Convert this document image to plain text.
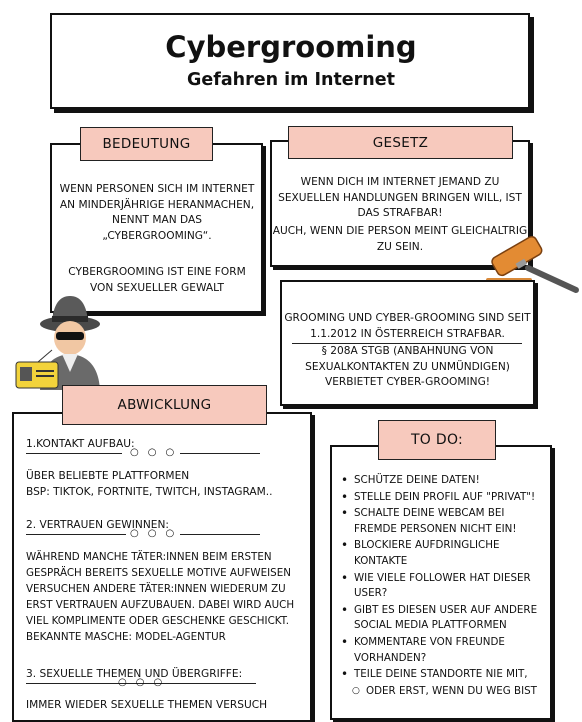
Cybergrooming
Gefahren im Internet
BEDEUTUNG
WENN PERSONEN SICH IM INTERNET AN MINDERJÄHRIGE HERANMACHEN, NENNT MAN DAS „CYBERGROOMING“.
CYBERGROOMING IST EINE FORM VON SEXUELLER GEWALT
GESETZ
WENN DICH IM INTERNET JEMAND ZU SEXUELLEN HANDLUNGEN BRINGEN WILL, IST DAS STRAFBAR!
AUCH, WENN DIE PERSON MEINT GLEICHALTRIG ZU SEIN.
GROOMING UND CYBER-GROOMING SIND SEIT 1.1.2012 IN ÖSTERREICH STRAFBAR.
§ 208A STGB (ANBAHNUNG VON SEXUALKONTAKTEN ZU UNMÜNDIGEN) VERBIETET CYBER-GROOMING!
ABWICKLUNG
1.KONTAKT AUFBAU:
○○○
ÜBER BELIEBTE PLATTFORMEN
BSP: TIKTOK, FORTNITE, TWITCH, INSTAGRAM..
2. VERTRAUEN GEWINNEN:
○○○
WÄHREND MANCHE TÄTER:INNEN BEIM ERSTEN GESPRÄCH BEREITS SEXUELLE MOTIVE AUFWEISEN VERSUCHEN ANDERE TÄTER:INNEN WIEDERUM ZU ERST VERTRAUEN AUFZUBAUEN. DABEI WIRD AUCH VIEL KOMPLIMENTE ODER GESCHENKE GESCHICKT. BEKANNTE MASCHE: MODEL-AGENTUR
3. SEXUELLE THEMEN UND ÜBERGRIFFE:
○○○
IMMER WIEDER SEXUELLE THEMEN VERSUCH
TO DO:
• SCHÜTZE DEINE DATEN!
• STELLE DEIN PROFIL AUF "PRIVAT"!
• SCHALTE DEINE WEBCAM BEI FREMDE PERSONEN NICHT EIN!
• BLOCKIERE AUFDRINGLICHE KONTAKTE
• WIE VIELE FOLLOWER HAT DIESER USER?
• GIBT ES DIESEN USER AUF ANDERE SOCIAL MEDIA PLATTFORMEN
• KOMMENTARE VON FREUNDE VORHANDEN?
• TEILE DEINE STANDORTE NIE MIT,
○ ODER ERST, WENN DU WEG BIST
